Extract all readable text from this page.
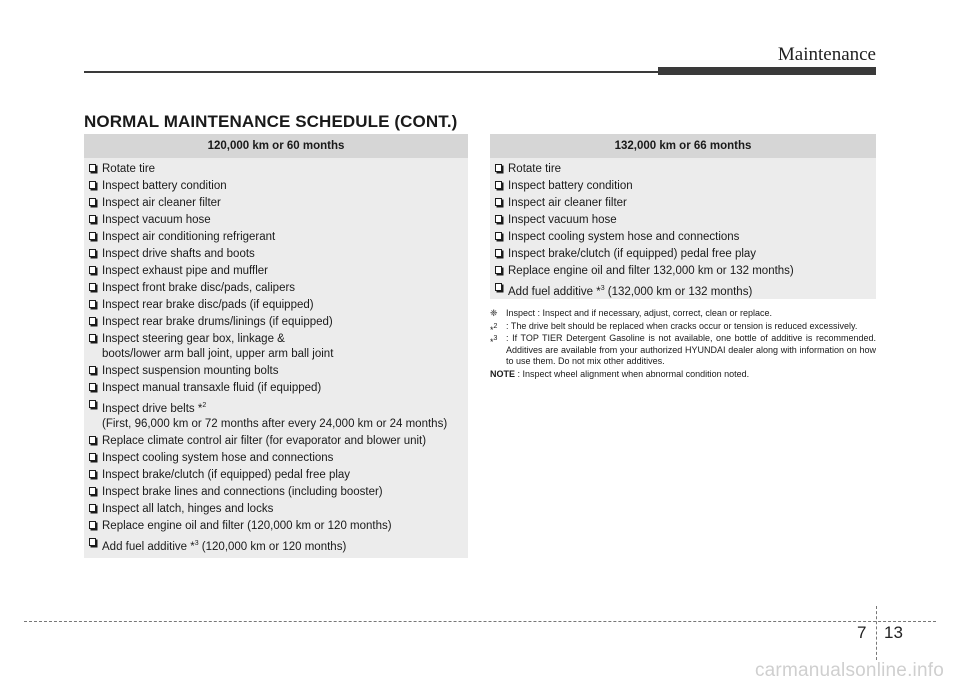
Maintenance
NORMAL MAINTENANCE SCHEDULE (CONT.)
120,000 km or 60 months
Rotate tire
Inspect battery condition
Inspect air cleaner filter
Inspect vacuum hose
Inspect air conditioning refrigerant
Inspect drive shafts and boots
Inspect exhaust pipe and muffler
Inspect front brake disc/pads, calipers
Inspect rear brake disc/pads (if equipped)
Inspect rear brake drums/linings (if equipped)
Inspect steering gear box, linkage &
boots/lower arm ball joint, upper arm ball joint
Inspect suspension mounting bolts
Inspect manual transaxle fluid (if equipped)
Inspect drive belts *$^2$
(First, 96,000 km or 72 months after every 24,000 km or 24 months)
Replace climate control air filter (for evaporator and blower unit)
Inspect cooling system hose and connections
Inspect brake/clutch (if equipped) pedal free play
Inspect brake lines and connections (including booster)
Inspect all latch, hinges and locks
Replace engine oil and filter (120,000 km or 120 months)
Add fuel additive *$^3$ (120,000 km or 120 months)
132,000 km or 66 months
Rotate tire
Inspect battery condition
Inspect air cleaner filter
Inspect vacuum hose
Inspect cooling system hose and connections
Inspect brake/clutch (if equipped) pedal free play
Replace engine oil and filter 132,000 km or 132 months)
Add fuel additive *$^3$ (132,000 km or 132 months)
❈ Inspect : Inspect and if necessary, adjust, correct, clean or replace.
*$^2$ : The drive belt should be replaced when cracks occur or tension is reduced excessively.
*$^3$ : If TOP TIER Detergent Gasoline is not available, one bottle of additive is recommended. Additives are available from your authorized HYUNDAI dealer along with information on how to use them. Do not mix other additives.
NOTE : Inspect wheel alignment when abnormal condition noted.
7 13
carmanualsonline.info
